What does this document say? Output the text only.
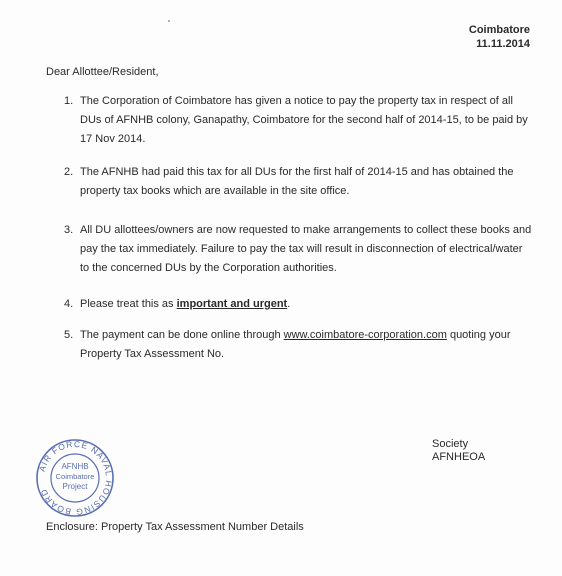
Coimbatore
11.11.2014
Dear Allottee/Resident,
1. The Corporation of Coimbatore has given a notice to pay the property tax in respect of all DUs of AFNHB colony, Ganapathy, Coimbatore for the second half of 2014-15, to be paid by 17 Nov 2014.
2. The AFNHB had paid this tax for all DUs for the first half of 2014-15 and has obtained the property tax books which are available in the site office.
3. All DU allottees/owners are now requested to make arrangements to collect these books and pay the tax immediately. Failure to pay the tax will result in disconnection of electrical/water to the concerned DUs by the Corporation authorities.
4. Please treat this as important and urgent.
5. The payment can be done online through www.coimbatore-corporation.com quoting your Property Tax Assessment No.
AIR FORCE NAVAL HOUSING BOARD
AFNHB
Coimbatore
Project
Society
AFNHEOA
Enclosure: Property Tax Assessment Number Details
